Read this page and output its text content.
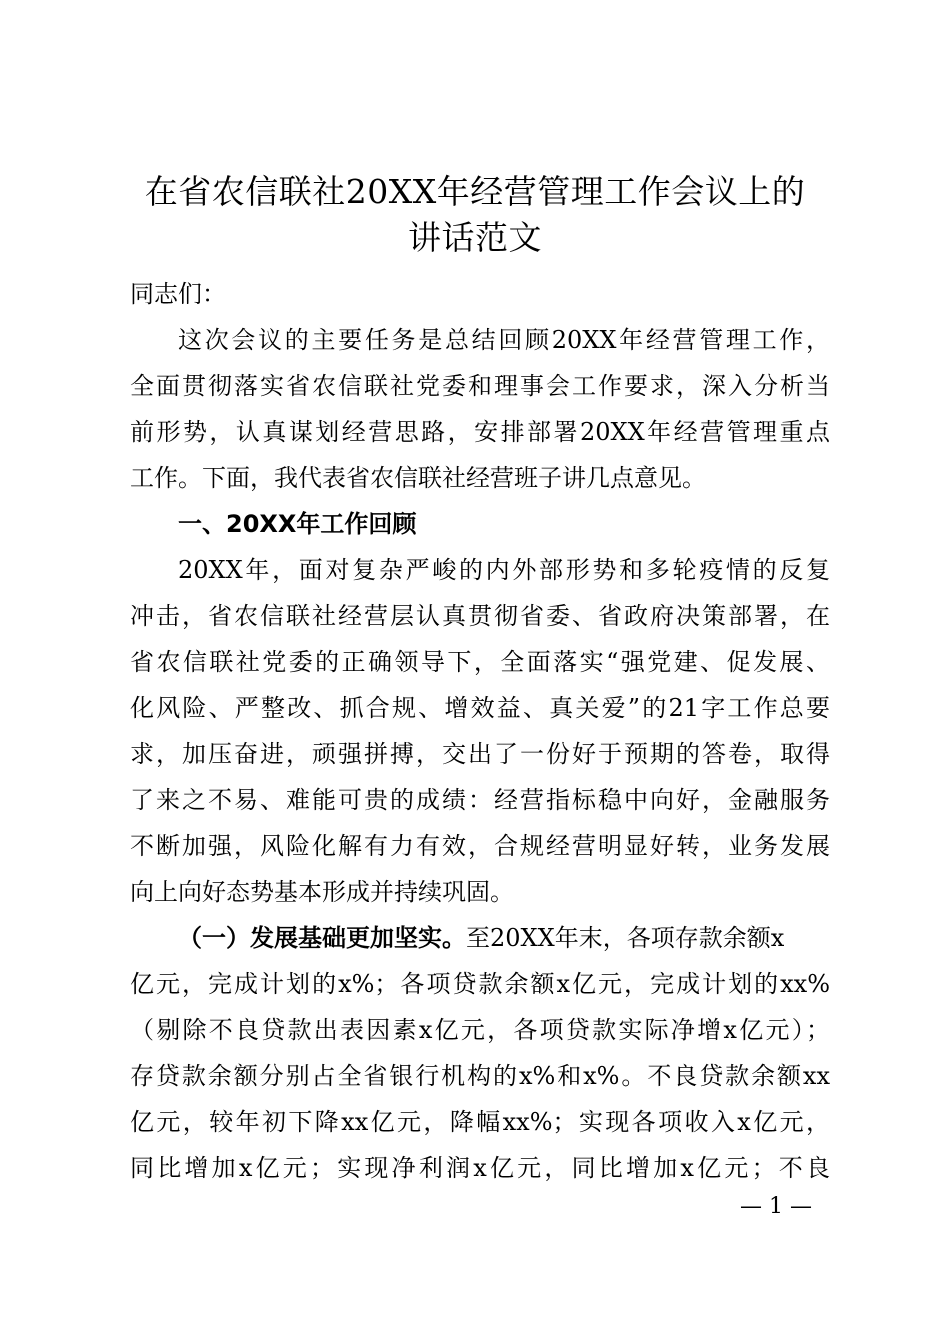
在省农信联社20XX年经营管理工作会议上的
讲话范文
同志们：
这次会议的主要任务是总结回顾20XX年经营管理工作，
全面贯彻落实省农信联社党委和理事会工作要求，深入分析当
前形势，认真谋划经营思路，安排部署20XX年经营管理重点
工作。下面，我代表省农信联社经营班子讲几点意见。
一、20XX年工作回顾
20XX年，面对复杂严峻的内外部形势和多轮疫情的反复
冲击，省农信联社经营层认真贯彻省委、省政府决策部署，在
省农信联社党委的正确领导下，全面落实“强党建、促发展、
化风险、严整改、抓合规、增效益、真关爱”的21字工作总要
求，加压奋进，顽强拼搏，交出了一份好于预期的答卷，取得
了来之不易、难能可贵的成绩：经营指标稳中向好，金融服务
不断加强，风险化解有力有效，合规经营明显好转，业务发展
向上向好态势基本形成并持续巩固。
（一）发展基础更加坚实。至20XX年末，各项存款余额x
亿元，完成计划的x%；各项贷款余额x亿元，完成计划的xx%
（剔除不良贷款出表因素x亿元，各项贷款实际净增x亿元）；
存贷款余额分别占全省银行机构的x%和x%。不良贷款余额xx
亿元，较年初下降xx亿元，降幅xx%；实现各项收入x亿元，
同比增加x亿元；实现净利润x亿元，同比增加x亿元；不良
— 1 —
